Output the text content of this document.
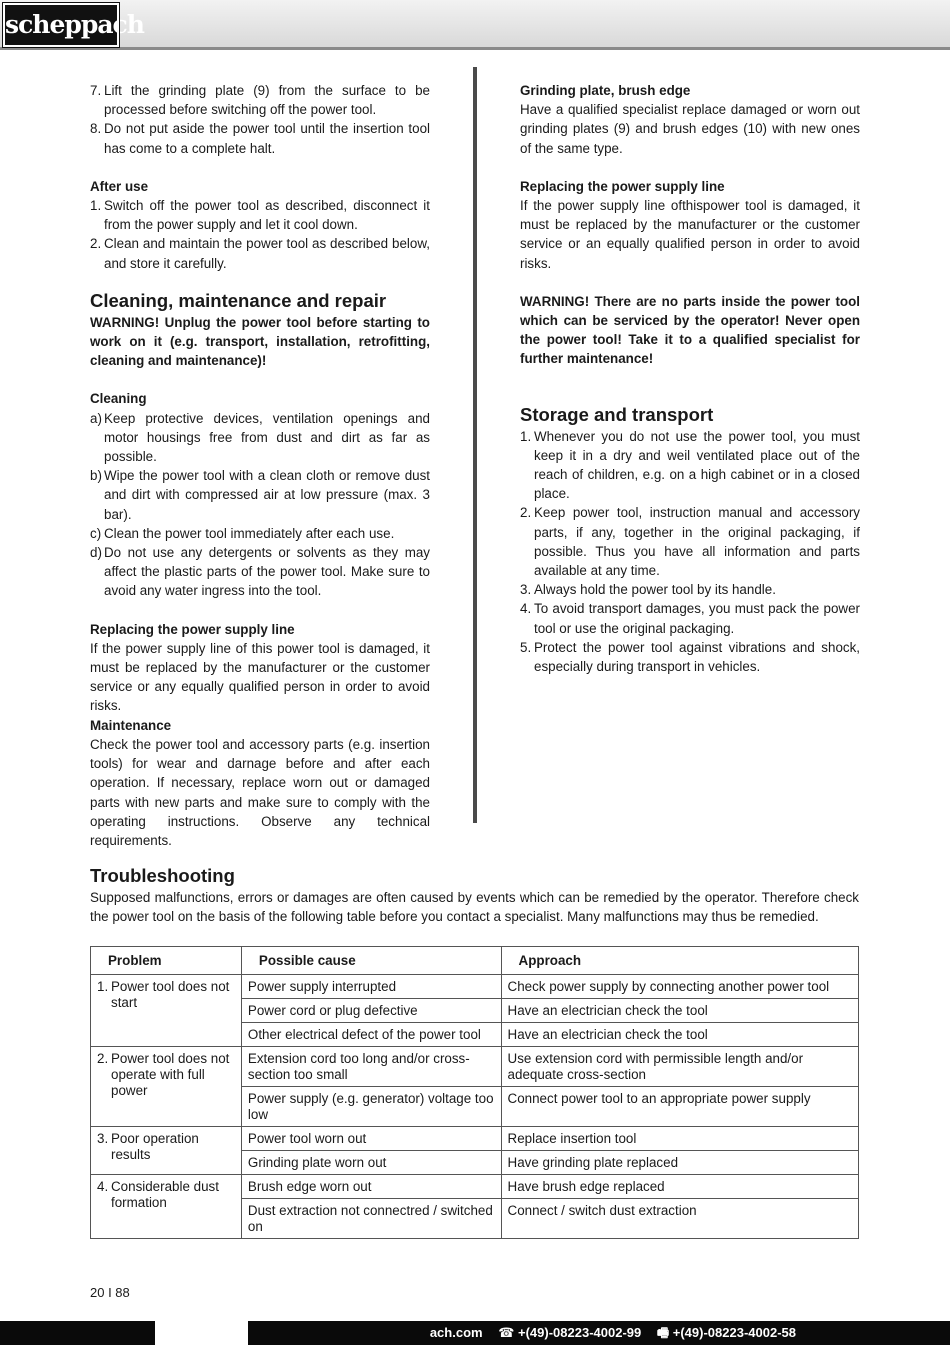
scheppach
7. Lift the grinding plate (9) from the surface to be processed before switching off the power tool.
8. Do not put aside the power tool until the insertion tool has come to a complete halt.
After use
1. Switch off the power tool as described, disconnect it from the power supply and let it cool down.
2. Clean and maintain the power tool as described below, and store it carefully.
Cleaning, maintenance and repair
WARNING! Unplug the power tool before starting to work on it (e.g. transport, installation, retrofitting, cleaning and maintenance)!
Cleaning
a) Keep protective devices, ventilation openings and motor housings free from dust and dirt as far as possible.
b) Wipe the power tool with a clean cloth or remove dust and dirt with compressed air at low pressure (max. 3 bar).
c) Clean the power tool immediately after each use.
d) Do not use any detergents or solvents as they may affect the plastic parts of the power tool. Make sure to avoid any water ingress into the tool.
Replacing the power supply line
If the power supply line of this power tool is damaged, it must be replaced by the manufacturer or the customer service or any equally qualified person in order to avoid risks.
Maintenance
Check the power tool and accessory parts (e.g. insertion tools) for wear and darnage before and after each operation. If necessary, replace worn out or damaged parts with new parts and make sure to comply with the operating instructions. Observe any technical requirements.
Grinding plate, brush edge
Have a qualified specialist replace damaged or worn out grinding plates (9) and brush edges (10) with new ones of the same type.
Replacing the power supply line
If the power supply line ofthispower tool is damaged, it must be replaced by the manufacturer or the customer service or an equally qualified person in order to avoid risks.
WARNING! There are no parts inside the power tool which can be serviced by the operator! Never open the power tool! Take it to a qualified specialist for further maintenance!
Storage and transport
1. Whenever you do not use the power tool, you must keep it in a dry and weil ventilated place out of the reach of children, e.g. on a high cabinet or in a closed place.
2. Keep power tool, instruction manual and accessory parts, if any, together in the original packaging, if possible. Thus you have all information and parts available at any time.
3. Always hold the power tool by its handle.
4. To avoid transport damages, you must pack the power tool or use the original packaging.
5. Protect the power tool against vibrations and shock, especially during transport in vehicles.
Troubleshooting
Supposed malfunctions, errors or damages are often caused by events which can be remedied by the operator. Therefore check the power tool on the basis of the following table before you contact a specialist. Many malfunctions may thus be remedied.
Problem	Possible cause	Approach

1. Power tool does not start	Power supply interrupted	Check power supply by connecting another power tool
	Power cord or plug defective	Have an electrician check the tool
	Other electrical defect of the power tool	Have an electrician check the tool

2. Power tool does not operate with full power	Extension cord too long and/or cross-section too small	Use extension cord with permissible length and/or adequate cross-section
	Power supply (e.g. generator) voltage too low	Connect power tool to an appropriate power supply

3. Poor operation results	Power tool worn out	Replace insertion tool
	Grinding plate worn out	Have grinding plate replaced

4. Considerable dust formation	Brush edge worn out	Have brush edge replaced
	Dust extraction not connectred / switched on	Connect / switch dust extraction
20 I 88
ach.com ☎ +(49)-08223-4002-99 🖷 +(49)-08223-4002-58
